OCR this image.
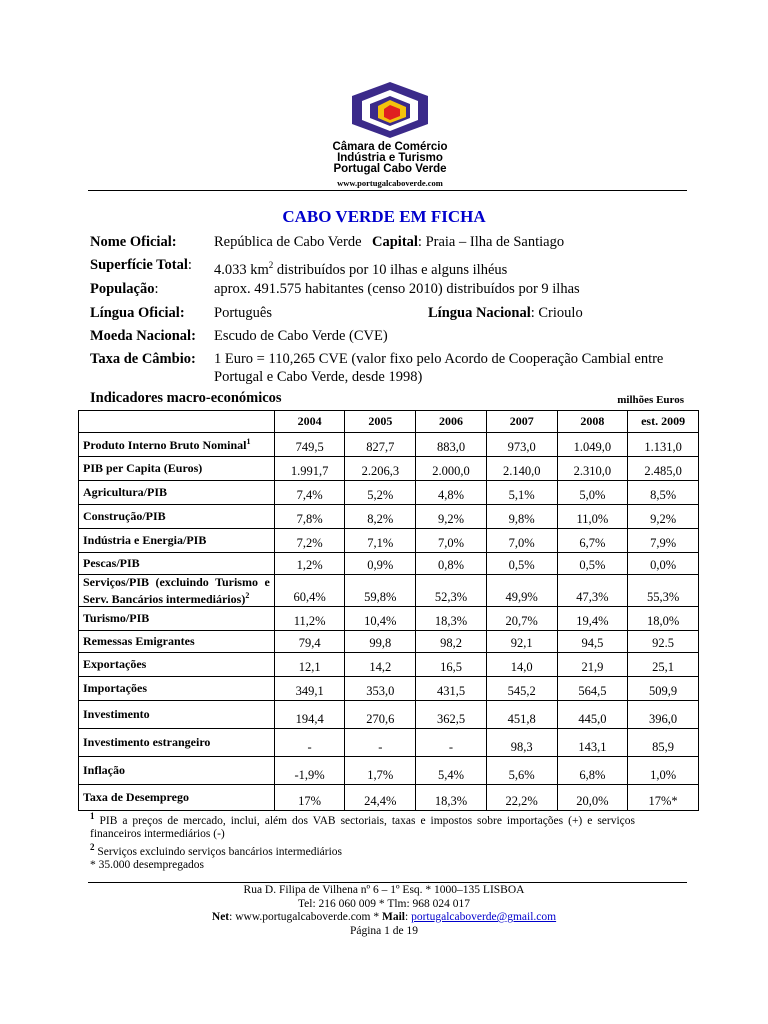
Câmara de Comércio
Indústria e Turismo
Portugal Cabo Verde
www.portugalcaboverde.com
CABO VERDE EM FICHA
Nome Oficial:	República de Cabo Verde Capital: Praia – Ilha de Santiago
Superfície Total: 4.033 $km^2$ distribuídos por 10 ilhas e alguns ilhéus
População:	aprox. 491.575 habitantes (censo 2010) distribuídos por 9 ilhas
Língua Oficial: Português	Língua Nacional: Crioulo
Moeda Nacional: Escudo de Cabo Verde (CVE)
Taxa de Câmbio: 1 Euro = 110,265 CVE (valor fixo pelo Acordo de Cooperação Cambial entre
Portugal e Cabo Verde, desde 1998)
Indicadores macro-económicos	milhões Euros
	2004	2005	2006	2007	2008	est. 2009
Produto Interno Bruto Nominal$^1$	749,5	827,7	883,0	973,0	1.049,0	1.131,0
PIB per Capita (Euros)	1.991,7	2.206,3	2.000,0	2.140,0	2.310,0	2.485,0
Agricultura/PIB	7,4%	5,2%	4,8%	5,1%	5,0%	8,5%
Construção/PIB	7,8%	8,2%	9,2%	9,8%	11,0%	9,2%
Indústria e Energia/PIB	7,2%	7,1%	7,0%	7,0%	6,7%	7,9%
Pescas/PIB	1,2%	0,9%	0,8%	0,5%	0,5%	0,0%
Serviços/PIB (excluindo Turismo e Serv. Bancários intermediários)$^2$	60,4%	59,8%	52,3%	49,9%	47,3%	55,3%
Turismo/PIB	11,2%	10,4%	18,3%	20,7%	19,4%	18,0%
Remessas Emigrantes	79,4	99,8	98,2	92,1	94,5	92.5
Exportações	12,1	14,2	16,5	14,0	21,9	25,1
Importações	349,1	353,0	431,5	545,2	564,5	509,9
Investimento	194,4	270,6	362,5	451,8	445,0	396,0
Investimento estrangeiro	-	-	-	98,3	143,1	85,9
Inflação	-1,9%	1,7%	5,4%	5,6%	6,8%	1,0%
Taxa de Desemprego	17%	24,4%	18,3%	22,2%	20,0%	17%*

$^1$ PIB a preços de mercado, inclui, além dos VAB sectoriais, taxas e impostos sobre importações (+) e serviços financeiros intermediários (-)

$^2$ Serviços excluindo serviços bancários intermediários

* 35.000 desempregados

Rua D. Filipa de Vilhena nº 6 – 1º Esq. * 1000–135 LISBOA
Tel: 216 060 009 * Tlm: 968 024 017
Net: www.portugalcaboverde.com * Mail: portugalcaboverde@gmail.com
Página 1 de 19
